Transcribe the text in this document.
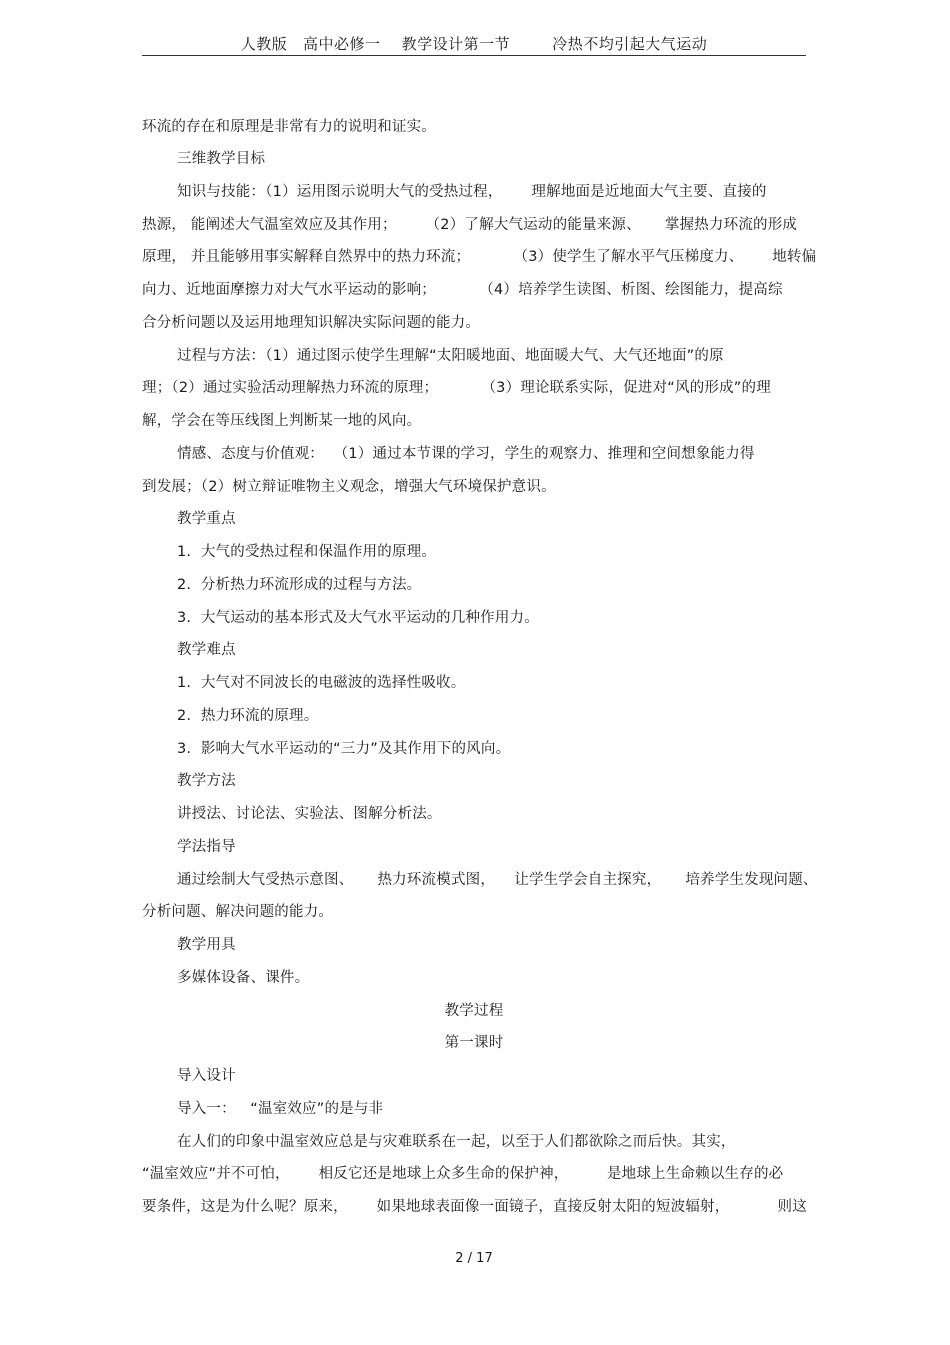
人教版   高中必修一    教学设计第一节        冷热不均引起大气运动
环流的存在和原理是非常有力的说明和证实。
三维教学目标
知识与技能：（1）运用图示说明大气的受热过程，      理解地面是近地面大气主要、直接的
热源， 能阐述大气温室效应及其作用；      （2）了解大气运动的能量来源、     掌握热力环流的形成
原理， 并且能够用事实解释自然界中的热力环流；         （3）使学生了解水平气压梯度力、      地转偏
向力、近地面摩擦力对大气水平运动的影响；         （4）培养学生读图、析图、绘图能力，提高综
合分析问题以及运用地理知识解决实际问题的能力。
过程与方法：（1）通过图示使学生理解“太阳暖地面、地面暖大气、大气还地面”的原
理；（2）通过实验活动理解热力环流的原理；         （3）理论联系实际，促进对“风的形成”的理
解，学会在等压线图上判断某一地的风向。
情感、态度与价值观：  （1）通过本节课的学习，学生的观察力、推理和空间想象能力得
到发展；（2）树立辩证唯物主义观念，增强大气环境保护意识。
教学重点
1.  大气的受热过程和保温作用的原理。
2.  分析热力环流形成的过程与方法。
3.  大气运动的基本形式及大气水平运动的几种作用力。
教学难点
1.  大气对不同波长的电磁波的选择性吸收。
2.  热力环流的原理。
3.  影响大气水平运动的“三力”及其作用下的风向。
教学方法
讲授法、讨论法、实验法、图解分析法。
学法指导
通过绘制大气受热示意图、     热力环流模式图，    让学生学会自主探究，     培养学生发现问题、
分析问题、解决问题的能力。
教学用具
多媒体设备、课件。
教学过程
第一课时
导入设计
导入一：   “温室效应”的是与非
在人们的印象中温室效应总是与灾难联系在一起，以至于人们都欲除之而后快。其实，
“温室效应”并不可怕，      相反它还是地球上众多生命的保护神，        是地球上生命赖以生存的必
要条件，这是为什么呢？原来，      如果地球表面像一面镜子，直接反射太阳的短波辐射，          则这
2 / 17
